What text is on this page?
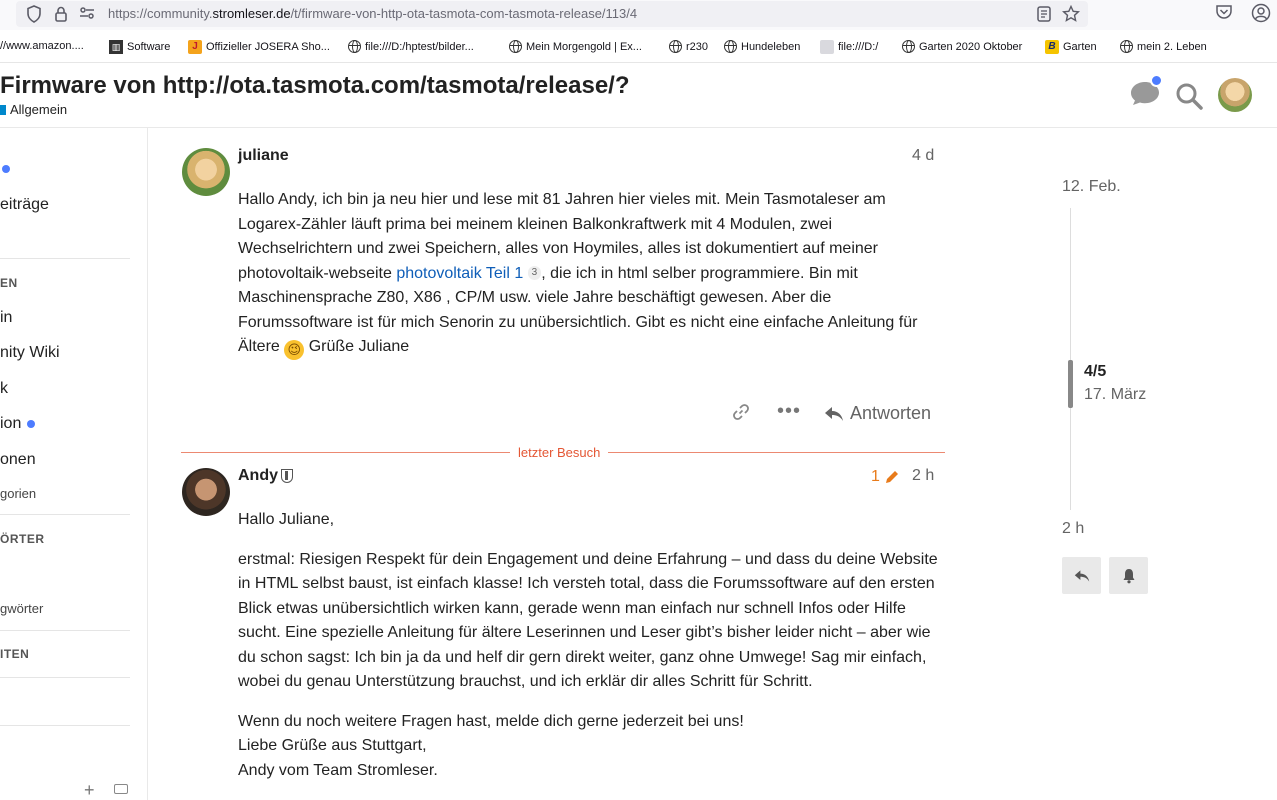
https://community.stromleser.de/t/firmware-von-http-ota-tasmota-com-tasmota-release/113/4
//www.amazon....	▥ Software	J Offizieller JOSERA Sho...	file:///D:/hptest/bilder...	Mein Morgengold | Ex...	r230	Hundeleben	file:///D:/	Garten 2020 Oktober	B Garten	mein 2. Leben
Firmware von http://ota.tasmota.com/tasmota/release/?
Allgemein
eiträge
EN
in
nity Wiki
k
ion
onen
gorien
ÖRTER
gwörter
ITEN
+
juliane	4 d
Hallo Andy, ich bin ja neu hier und lese mit 81 Jahren hier vieles mit. Mein Tasmotaleser am Logarex-Zähler läuft prima bei meinem kleinen Balkonkraftwerk mit 4 Modulen, zwei Wechselrichtern und zwei Speichern, alles von Hoymiles, alles ist dokumentiert auf meiner photovoltaik-webseite photovoltaik Teil 1 3 , die ich in html selber programmiere. Bin mit Maschinensprache Z80, X86 , CP/M usw. viele Jahre beschäftigt gewesen. Aber die Forumssoftware ist für mich Senorin zu unübersichtlich. Gibt es nicht eine einfache Anleitung für Ältere 😉 Grüße Juliane
•••	Antworten
letzter Besuch
Andy	1 2 h

Hallo Juliane,

erstmal: Riesigen Respekt für dein Engagement und deine Erfahrung – und dass du deine Website in HTML selbst baust, ist einfach klasse! Ich versteh total, dass die Forumssoftware auf den ersten Blick etwas unübersichtlich wirken kann, gerade wenn man einfach nur schnell Infos oder Hilfe sucht. Eine spezielle Anleitung für ältere Leserinnen und Leser gibt’s bisher leider nicht – aber wie du schon sagst: Ich bin ja da und helf dir gern direkt weiter, ganz ohne Umwege! Sag mir einfach, wobei du genau Unterstützung brauchst, und ich erklär dir alles Schritt für Schritt.

Wenn du noch weitere Fragen hast, melde dich gerne jederzeit bei uns!
Liebe Grüße aus Stuttgart,
Andy vom Team Stromleser.

12. Feb.
4/5
17. März
2 h
